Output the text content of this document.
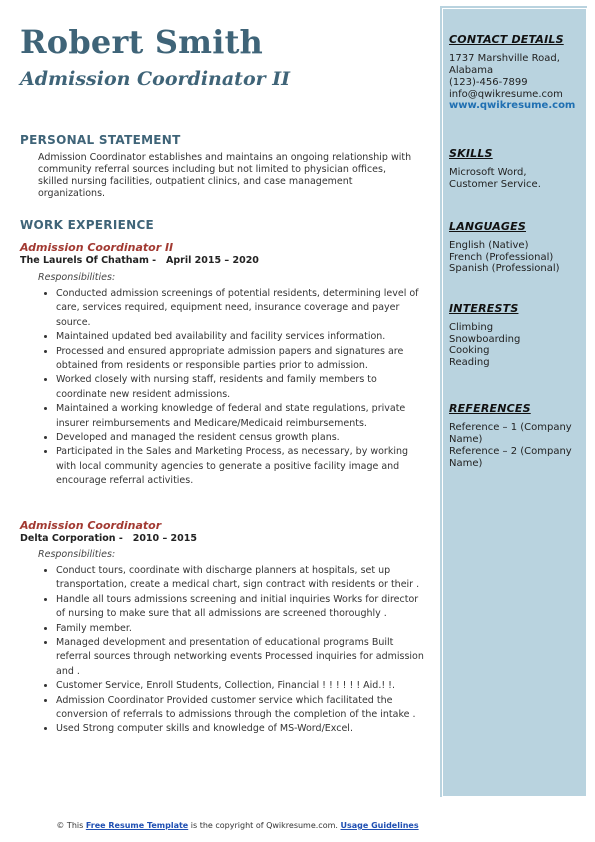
Robert Smith
Admission Coordinator II
PERSONAL STATEMENT

Admission Coordinator establishes and maintains an ongoing relationship with community referral sources including but not limited to physician offices, skilled nursing facilities, outpatient clinics, and case management organizations.

WORK EXPERIENCE

Admission Coordinator II

The Laurels Of Chatham -   April 2015 – 2020

Responsibilities:

• Conducted admission screenings of potential residents, determining level of care, services required, equipment need, insurance coverage and payer source.
• Maintained updated bed availability and facility services information.
• Processed and ensured appropriate admission papers and signatures are obtained from residents or responsible parties prior to admission.
• Worked closely with nursing staff, residents and family members to coordinate new resident admissions.
• Maintained a working knowledge of federal and state regulations, private insurer reimbursements and Medicare/Medicaid reimbursements.
• Developed and managed the resident census growth plans.
• Participated in the Sales and Marketing Process, as necessary, by working with local community agencies to generate a positive facility image and encourage referral activities.

Admission Coordinator

Delta Corporation -   2010 – 2015

Responsibilities:

• Conduct tours, coordinate with discharge planners at hospitals, set up transportation, create a medical chart, sign contract with residents or their .
• Handle all tours admissions screening and initial inquiries Works for director of nursing to make sure that all admissions are screened thoroughly .
• Family member.
• Managed development and presentation of educational programs Built referral sources through networking events Processed inquiries for admission and .
• Customer Service, Enroll Students, Collection, Financial ! ! ! ! ! ! Aid.! !.
• Admission Coordinator Provided customer service which facilitated the conversion of referrals to admissions through the completion of the intake .
• Used Strong computer skills and knowledge of MS-Word/Excel.
CONTACT DETAILS

1737 Marshville Road,

Alabama

(123)-456-7899

info@qwikresume.com

www.qwikresume.com

SKILLS

Microsoft Word,

Customer Service.

LANGUAGES

English (Native)

French (Professional)

Spanish (Professional)

INTERESTS

Climbing

Snowboarding

Cooking

Reading

REFERENCES

Reference – 1 (Company Name)

Reference – 2 (Company Name)

© This Free Resume Template is the copyright of Qwikresume.com. Usage Guidelines
